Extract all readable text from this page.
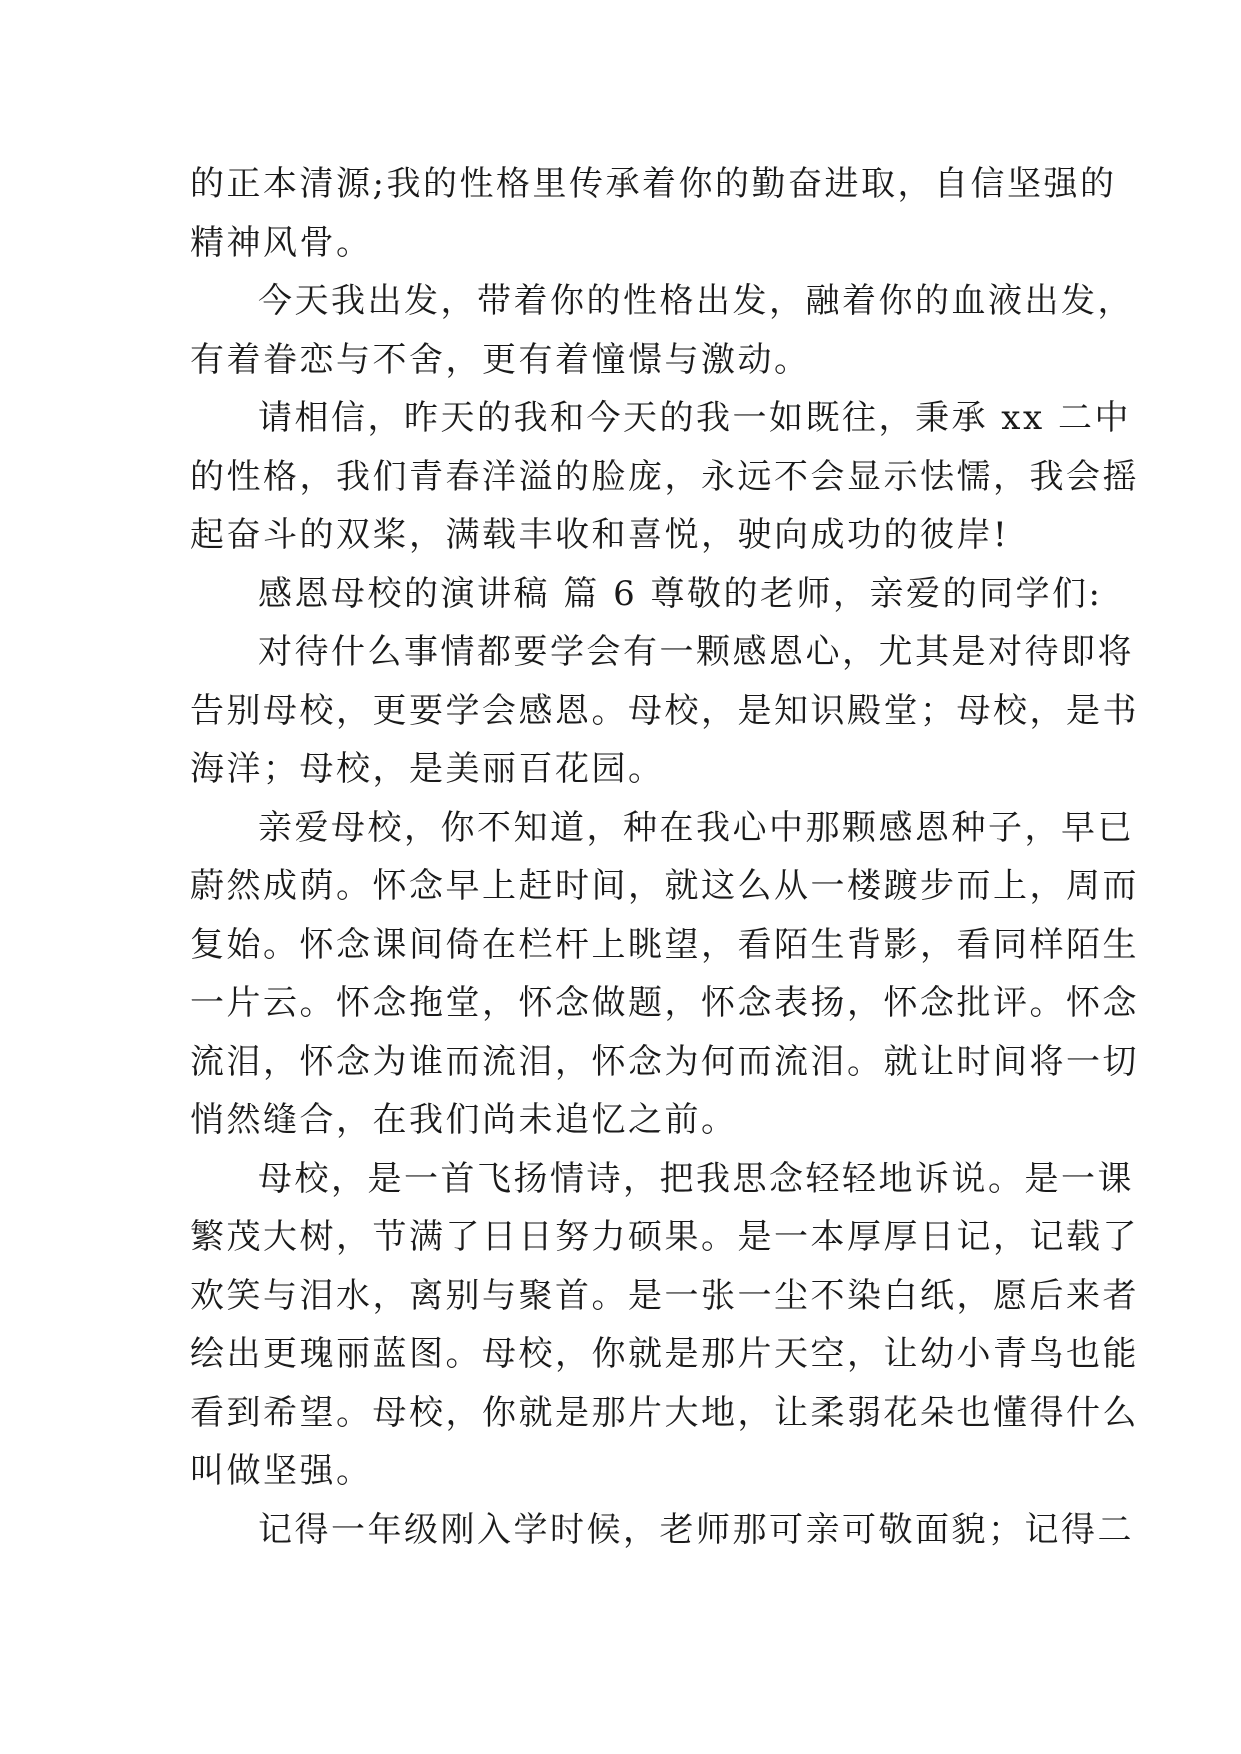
的正本清源;我的性格里传承着你的勤奋进取，自信坚强的
精神风骨。
今天我出发，带着你的性格出发，融着你的血液出发，
有着眷恋与不舍，更有着憧憬与激动。
请相信，昨天的我和今天的我一如既往，秉承 xx 二中
的性格，我们青春洋溢的脸庞，永远不会显示怯懦，我会摇
起奋斗的双桨，满载丰收和喜悦，驶向成功的彼岸!
感恩母校的演讲稿 篇 6 尊敬的老师，亲爱的同学们:
对待什么事情都要学会有一颗感恩心，尤其是对待即将
告别母校，更要学会感恩。母校，是知识殿堂；母校，是书
海洋；母校，是美丽百花园。
亲爱母校，你不知道，种在我心中那颗感恩种子，早已
蔚然成荫。怀念早上赶时间，就这么从一楼踱步而上，周而
复始。怀念课间倚在栏杆上眺望，看陌生背影，看同样陌生
一片云。怀念拖堂，怀念做题，怀念表扬，怀念批评。怀念
流泪，怀念为谁而流泪，怀念为何而流泪。就让时间将一切
悄然缝合，在我们尚未追忆之前。
母校，是一首飞扬情诗，把我思念轻轻地诉说。是一课
繁茂大树，节满了日日努力硕果。是一本厚厚日记，记载了
欢笑与泪水，离别与聚首。是一张一尘不染白纸，愿后来者
绘出更瑰丽蓝图。母校，你就是那片天空，让幼小青鸟也能
看到希望。母校，你就是那片大地，让柔弱花朵也懂得什么
叫做坚强。
记得一年级刚入学时候，老师那可亲可敬面貌；记得二
